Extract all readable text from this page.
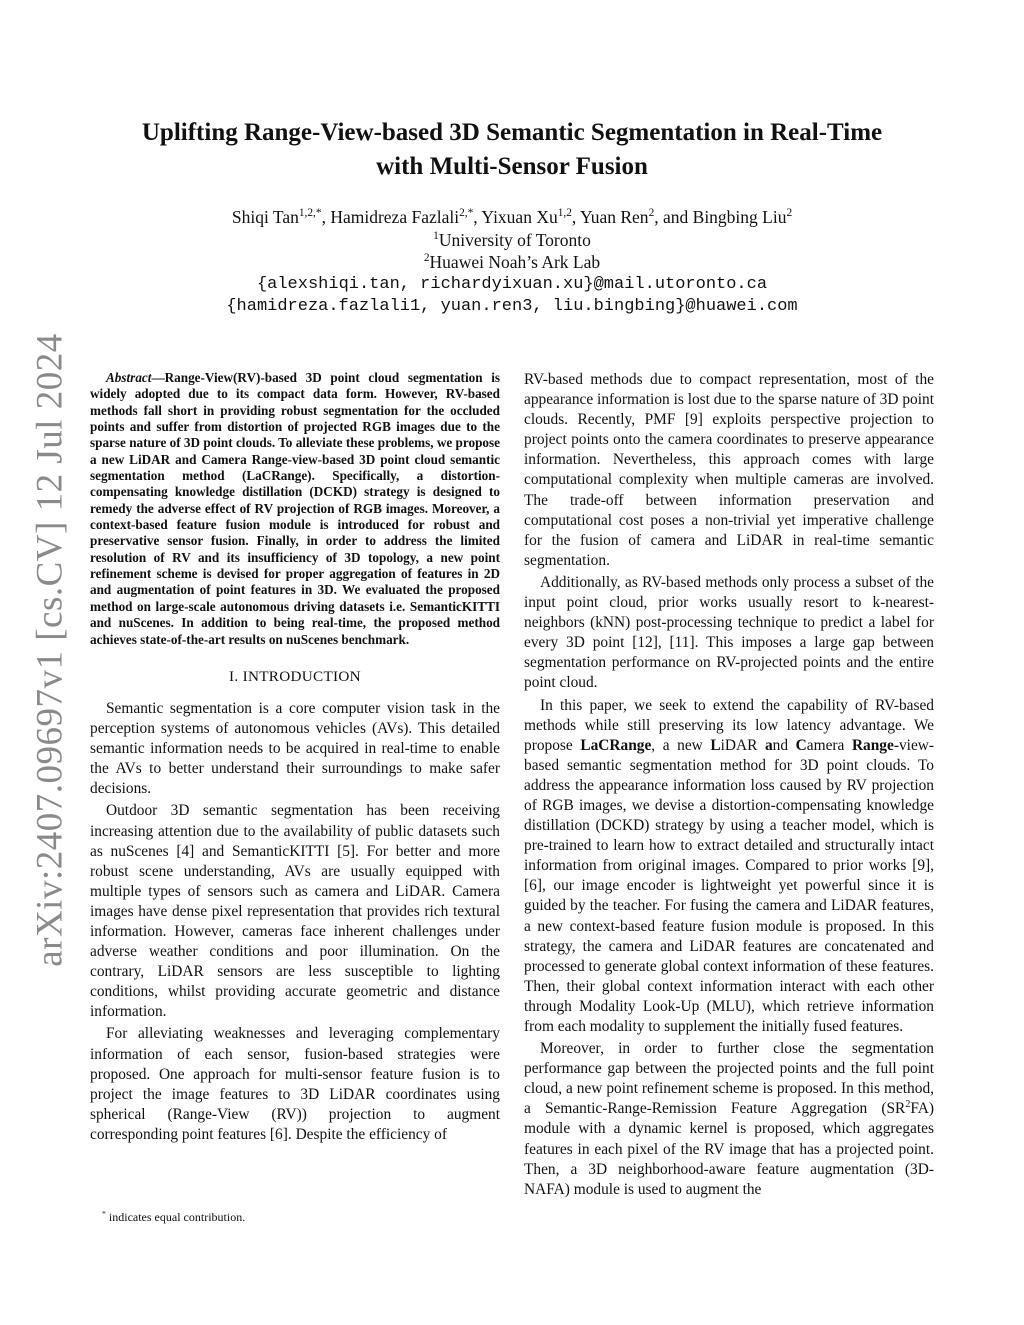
Uplifting Range-View-based 3D Semantic Segmentation in Real-Time
with Multi-Sensor Fusion
Shiqi Tan$^{1,2,*}$, Hamidreza Fazlali$^{2,*}$, Yixuan Xu$^{1,2}$, Yuan Ren$^2$, and Bingbing Liu$^2$
$^1$University of Toronto
$^2$Huawei Noah’s Ark Lab
{alexshiqi.tan, richardyixuan.xu}@mail.utoronto.ca
{hamidreza.fazlali1, yuan.ren3, liu.bingbing}@huawei.com
arXiv:2407.09697v1 [cs.CV] 12 Jul 2024	Abstract—Range-View(RV)-based 3D point cloud segmentation is widely adopted due to its compact data form. However, RV-based methods fall short in providing robust segmentation for the occluded points and suffer from distortion of projected RGB images due to the sparse nature of 3D point clouds. To alleviate these problems, we propose a new LiDAR and Camera Range-view-based 3D point cloud semantic segmentation method (LaCRange). Specifically, a distortion-compensating knowledge distillation (DCKD) strategy is designed to remedy the adverse effect of RV projection of RGB images. Moreover, a context-based feature fusion module is introduced for robust and preservative sensor fusion. Finally, in order to address the limited resolution of RV and its insufficiency of 3D topology, a new point refinement scheme is devised for proper aggregation of features in 2D and augmentation of point features in 3D. We evaluated the proposed method on large-scale autonomous driving datasets i.e. SemanticKITTI and nuScenes. In addition to being real-time, the proposed method achieves state-of-the-art results on nuScenes benchmark.

I. INTRODUCTION

Semantic segmentation is a core computer vision task in the perception systems of autonomous vehicles (AVs). This detailed semantic information needs to be acquired in real-time to enable the AVs to better understand their surroundings to make safer decisions.

Outdoor 3D semantic segmentation has been receiving increasing attention due to the availability of public datasets such as nuScenes [4] and SemanticKITTI [5]. For better and more robust scene understanding, AVs are usually equipped with multiple types of sensors such as camera and LiDAR. Camera images have dense pixel representation that provides rich textural information. However, cameras face inherent challenges under adverse weather conditions and poor illumination. On the contrary, LiDAR sensors are less susceptible to lighting conditions, whilst providing accurate geometric and distance information.

For alleviating weaknesses and leveraging complementary information of each sensor, fusion-based strategies were proposed. One approach for multi-sensor feature fusion is to project the image features to 3D LiDAR coordinates using spherical (Range-View (RV)) projection to augment corresponding point features [6]. Despite the efficiency of

* indicates equal contribution.

RV-based methods due to compact representation, most of the appearance information is lost due to the sparse nature of 3D point clouds. Recently, PMF [9] exploits perspective projection to project points onto the camera coordinates to preserve appearance information. Nevertheless, this approach comes with large computational complexity when multiple cameras are involved. The trade-off between information preservation and computational cost poses a non-trivial yet imperative challenge for the fusion of camera and LiDAR in real-time semantic segmentation.

Additionally, as RV-based methods only process a subset of the input point cloud, prior works usually resort to k-nearest-neighbors (kNN) post-processing technique to predict a label for every 3D point [12], [11]. This imposes a large gap between segmentation performance on RV-projected points and the entire point cloud.

In this paper, we seek to extend the capability of RV-based methods while still preserving its low latency advantage. We propose LaCRange, a new LiDAR and Camera Range-view-based semantic segmentation method for 3D point clouds. To address the appearance information loss caused by RV projection of RGB images, we devise a distortion-compensating knowledge distillation (DCKD) strategy by using a teacher model, which is pre-trained to learn how to extract detailed and structurally intact information from original images. Compared to prior works [9], [6], our image encoder is lightweight yet powerful since it is guided by the teacher. For fusing the camera and LiDAR features, a new context-based feature fusion module is proposed. In this strategy, the camera and LiDAR features are concatenated and processed to generate global context information of these features. Then, their global context information interact with each other through Modality Look-Up (MLU), which retrieve information from each modality to supplement the initially fused features.

Moreover, in order to further close the segmentation performance gap between the projected points and the full point cloud, a new point refinement scheme is proposed. In this method, a Semantic-Range-Remission Feature Aggregation $(SR^2FA)$ module with a dynamic kernel is proposed, which aggregates features in each pixel of the RV image that has a projected point. Then, a 3D neighborhood-aware feature augmentation (3D-NAFA) module is used to augment the
